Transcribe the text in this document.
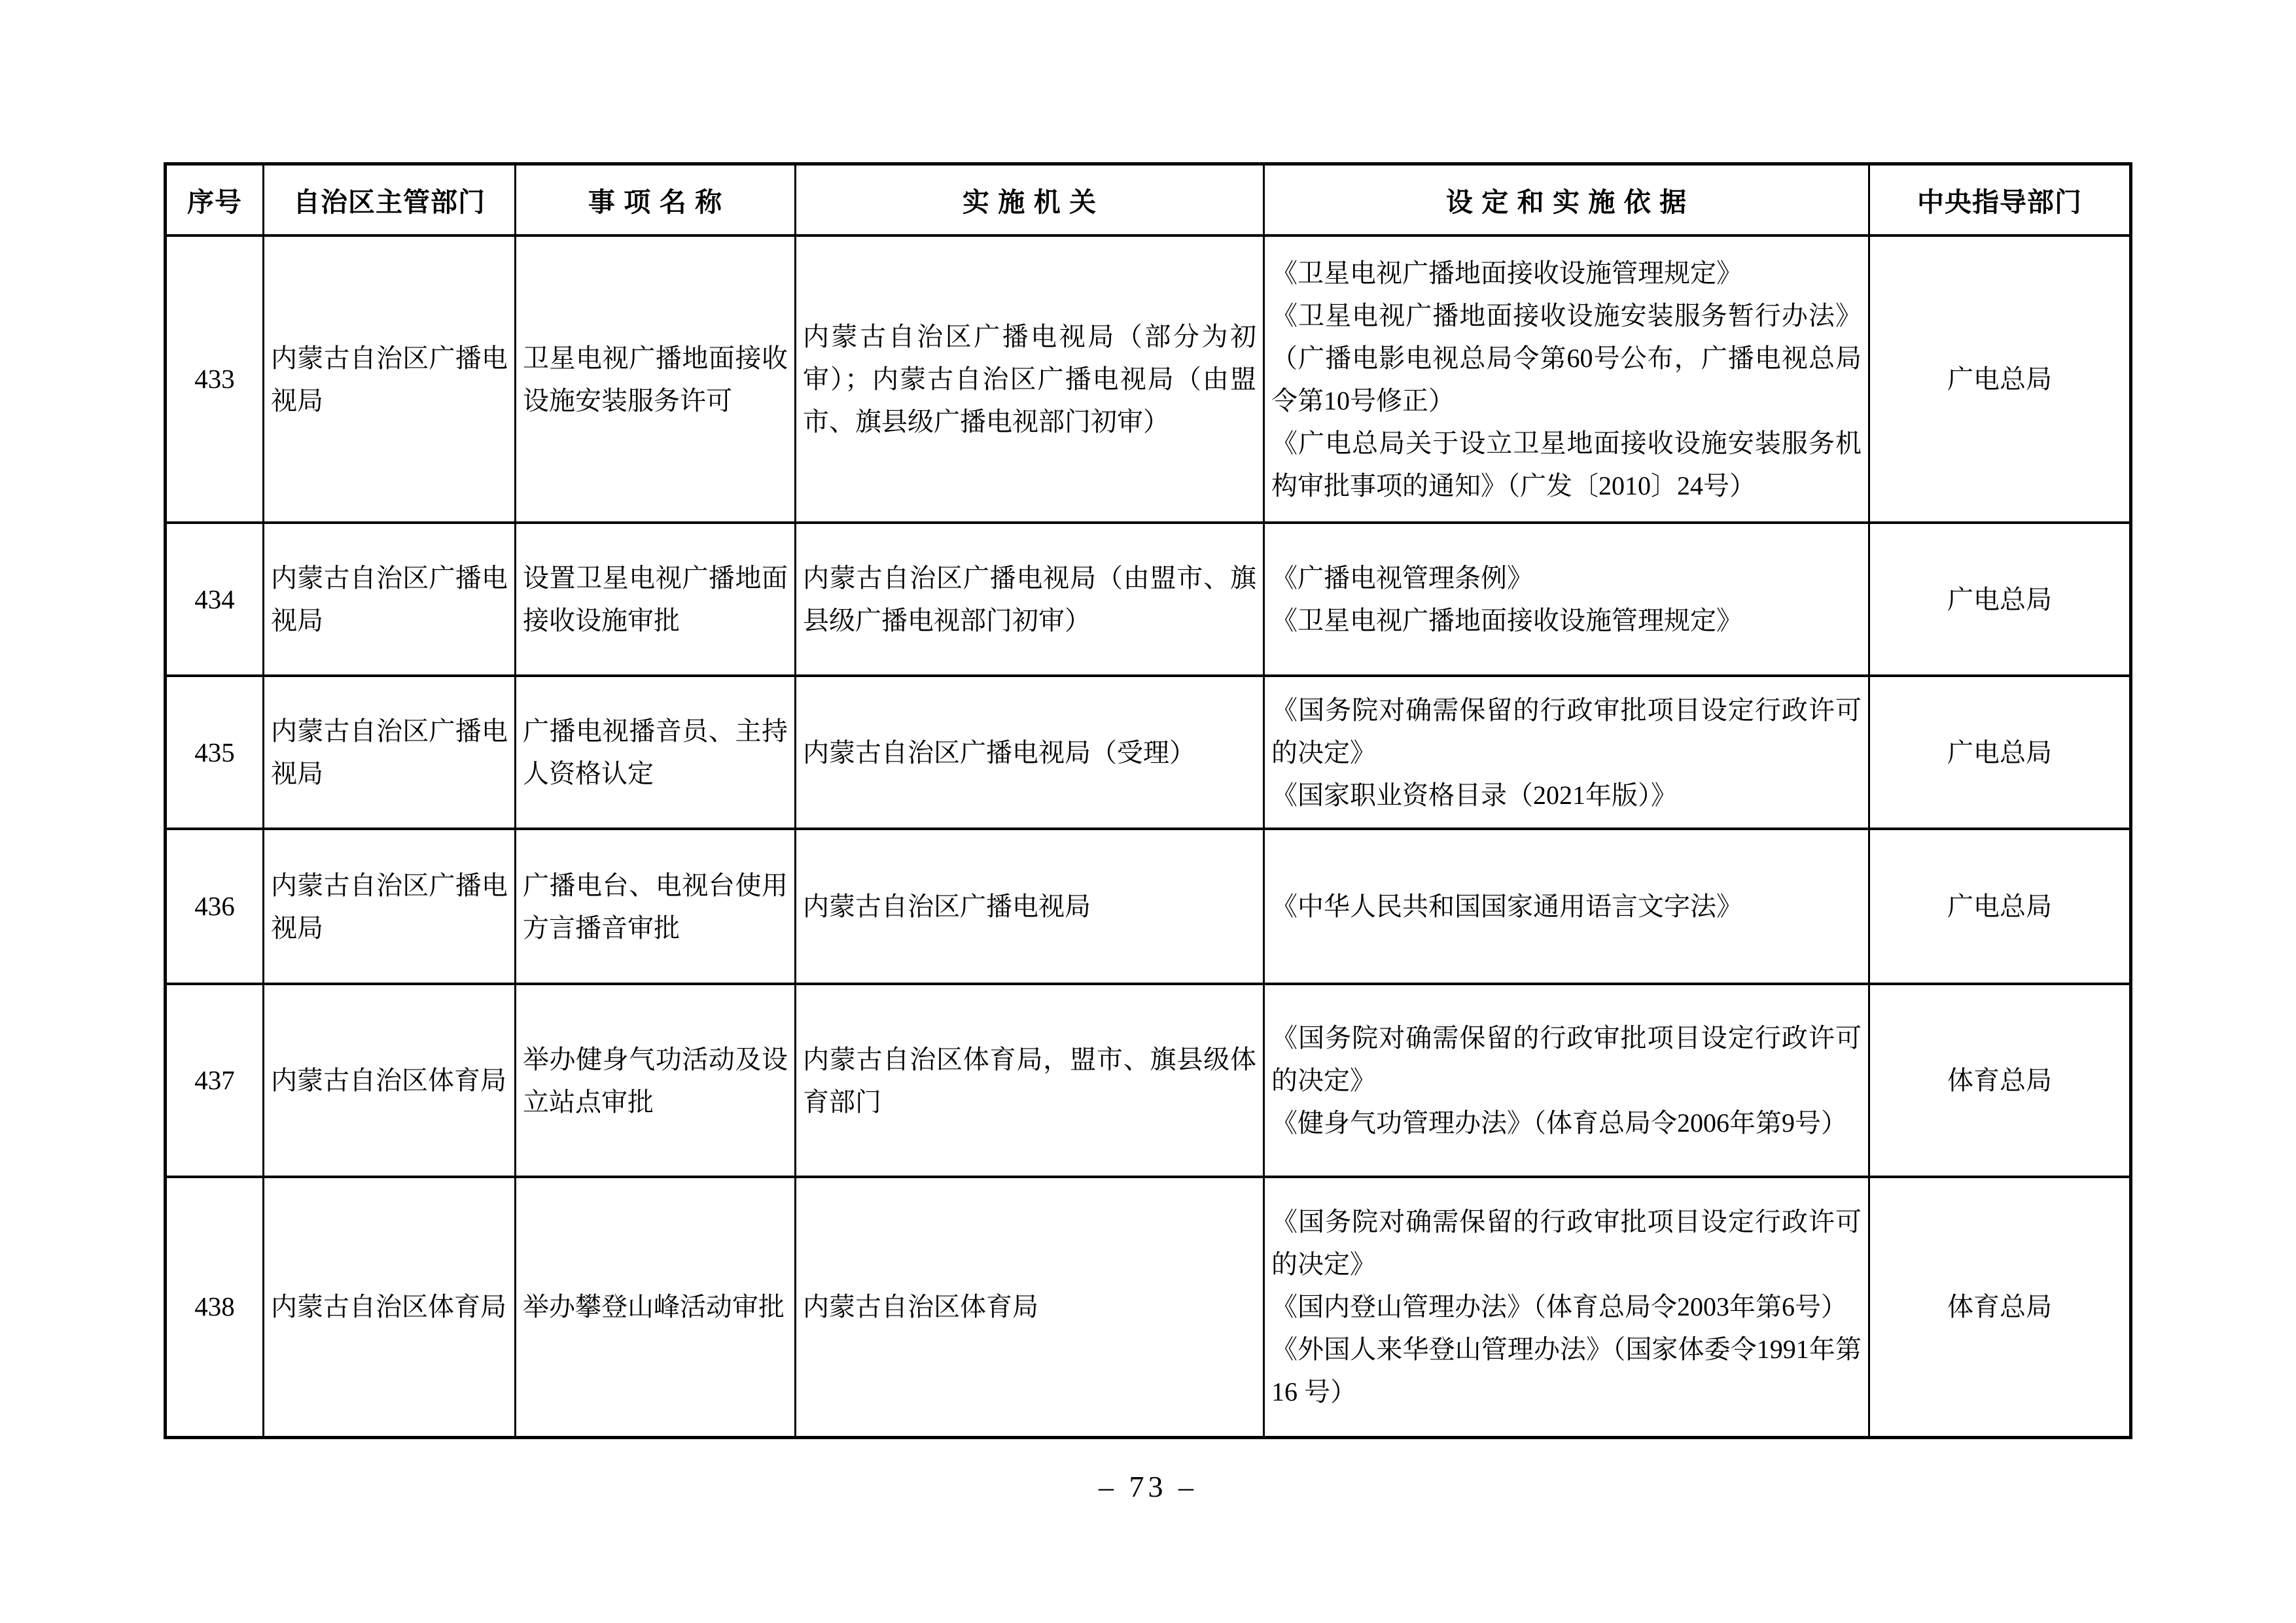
序号	自治区主管部门	事 项 名 称	实 施 机 关	设 定 和 实 施 依 据	中央指导部门
433	内蒙古自治区广播电视局	卫星电视广播地面接收设施安装服务许可	内蒙古自治区广播电视局（部分为初审）；内蒙古自治区广播电视局（由盟市、旗县级广播电视部门初审）	《卫星电视广播地面接收设施管理规定》
《卫星电视广播地面接收设施安装服务暂行办法》（广播电影电视总局令第60号公布，广播电视总局令第10号修正）
《广电总局关于设立卫星地面接收设施安装服务机构审批事项的通知》（广发〔2010〕24号）	广电总局
434	内蒙古自治区广播电视局	设置卫星电视广播地面接收设施审批	内蒙古自治区广播电视局（由盟市、旗县级广播电视部门初审）	《广播电视管理条例》
《卫星电视广播地面接收设施管理规定》	广电总局
435	内蒙古自治区广播电视局	广播电视播音员、主持人资格认定	内蒙古自治区广播电视局（受理）	《国务院对确需保留的行政审批项目设定行政许可的决定》
《国家职业资格目录（2021年版）》	广电总局
436	内蒙古自治区广播电视局	广播电台、电视台使用方言播音审批	内蒙古自治区广播电视局	《中华人民共和国国家通用语言文字法》	广电总局
437	内蒙古自治区体育局	举办健身气功活动及设立站点审批	内蒙古自治区体育局，盟市、旗县级体育部门	《国务院对确需保留的行政审批项目设定行政许可的决定》
《健身气功管理办法》（体育总局令2006年第9号）	体育总局
438	内蒙古自治区体育局	举办攀登山峰活动审批	内蒙古自治区体育局	《国务院对确需保留的行政审批项目设定行政许可的决定》
《国内登山管理办法》（体育总局令2003年第6号）
《外国人来华登山管理办法》（国家体委令1991年第16 号）	体育总局
– 73 –
